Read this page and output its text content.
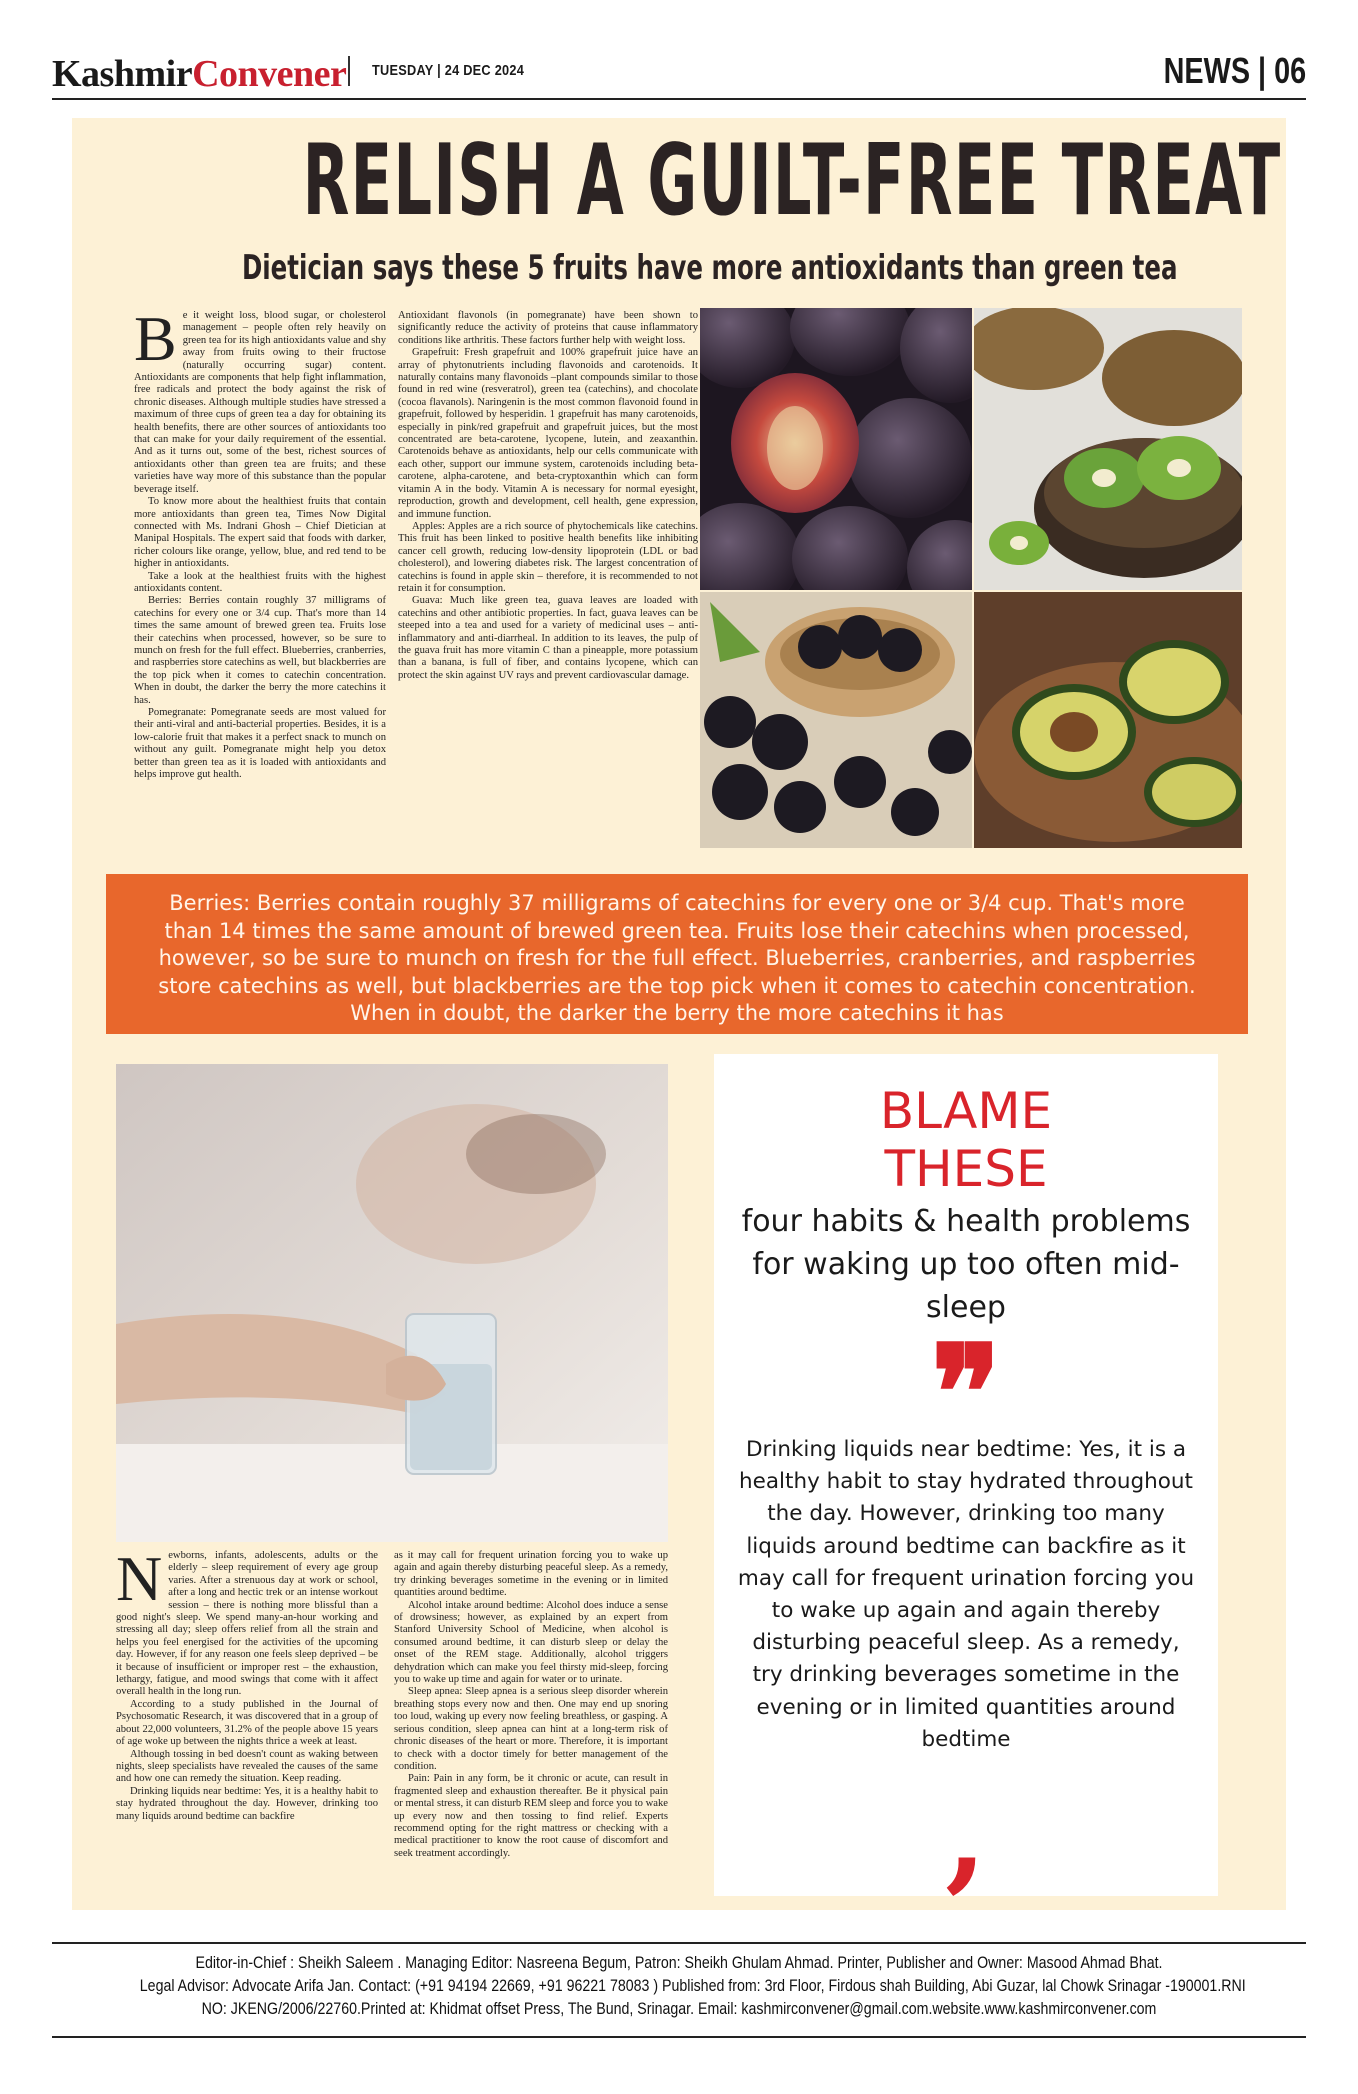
KashmirConvener TUESDAY | 24 DEC 2024	NEWS | 06
RELISH A GUILT-FREE TREAT
Dietician says these 5 fruits have more antioxidants than green tea
B e it weight loss, blood sugar, or cholesterol management – people often rely heavily on green tea for its high antioxidants value and shy away from fruits owing to their fructose (naturally occurring sugar) content. Antioxidants are components that help fight inflammation, free radicals and protect the body against the risk of chronic diseases. Although multiple studies have stressed a maximum of three cups of green tea a day for obtaining its health benefits, there are other sources of antioxidants too that can make for your daily requirement of the essential. And as it turns out, some of the best, richest sources of antioxidants other than green tea are fruits; and these varieties have way more of this substance than the popular beverage itself.

To know more about the healthiest fruits that contain more antioxidants than green tea, Times Now Digital connected with Ms. Indrani Ghosh – Chief Dietician at Manipal Hospitals. The expert said that foods with darker, richer colours like orange, yellow, blue, and red tend to be higher in antioxidants.

Take a look at the healthiest fruits with the highest antioxidants content.

Berries: Berries contain roughly 37 milligrams of catechins for every one or 3/4 cup. That's more than 14 times the same amount of brewed green tea. Fruits lose their catechins when processed, however, so be sure to munch on fresh for the full effect. Blueberries, cranberries, and raspberries store catechins as well, but blackberries are the top pick when it comes to catechin concentration. When in doubt, the darker the berry the more catechins it has.

Pomegranate: Pomegranate seeds are most valued for their anti-viral and anti-bacterial properties. Besides, it is a low-calorie fruit that makes it a perfect snack to munch on without any guilt. Pomegranate might help you detox better than green tea as it is loaded with antioxidants and helps improve gut health.

Antioxidant flavonols (in pomegranate) have been shown to significantly reduce the activity of proteins that cause inflammatory conditions like arthritis. These factors further help with weight loss.

Grapefruit: Fresh grapefruit and 100% grapefruit juice have an array of phytonutrients including flavonoids and carotenoids. It naturally contains many flavonoids –plant compounds similar to those found in red wine (resveratrol), green tea (catechins), and chocolate (cocoa flavanols). Naringenin is the most common flavonoid found in grapefruit, followed by hesperidin. 1 grapefruit has many carotenoids, especially in pink/red grapefruit and grapefruit juices, but the most concentrated are beta-carotene, lycopene, lutein, and zeaxanthin. Carotenoids behave as antioxidants, help our cells communicate with each other, support our immune system, carotenoids including beta-carotene, alpha-carotene, and beta-cryptoxanthin which can form vitamin A in the body. Vitamin A is necessary for normal eyesight, reproduction, growth and development, cell health, gene expression, and immune function.

Apples: Apples are a rich source of phytochemicals like catechins. This fruit has been linked to positive health benefits like inhibiting cancer cell growth, reducing low-density lipoprotein (LDL or bad cholesterol), and lowering diabetes risk. The largest concentration of catechins is found in apple skin – therefore, it is recommended to not retain it for consumption.

Guava: Much like green tea, guava leaves are loaded with catechins and other antibiotic properties. In fact, guava leaves can be steeped into a tea and used for a variety of medicinal uses – anti-inflammatory and anti-diarrheal. In addition to its leaves, the pulp of the guava fruit has more vitamin C than a pineapple, more potassium than a banana, is full of fiber, and contains lycopene, which can protect the skin against UV rays and prevent cardiovascular damage.

Berries: Berries contain roughly 37 milligrams of catechins for every one or 3/4 cup. That's more than 14 times the same amount of brewed green tea. Fruits lose their catechins when processed, however, so be sure to munch on fresh for the full effect. Blueberries, cranberries, and raspberries store catechins as well, but blackberries are the top pick when it comes to catechin concentration. When in doubt, the darker the berry the more catechins it has
N ewborns, infants, adolescents, adults or the elderly – sleep requirement of every age group varies. After a strenuous day at work or school, after a long and hectic trek or an intense workout session – there is nothing more blissful than a good night's sleep. We spend many-an-hour working and stressing all day; sleep offers relief from all the strain and helps you feel energised for the activities of the upcoming day. However, if for any reason one feels sleep deprived – be it because of insufficient or improper rest – the exhaustion, lethargy, fatigue, and mood swings that come with it affect overall health in the long run.

According to a study published in the Journal of Psychosomatic Research, it was discovered that in a group of about 22,000 volunteers, 31.2% of the people above 15 years of age woke up between the nights thrice a week at least.

Although tossing in bed doesn't count as waking between nights, sleep specialists have revealed the causes of the same and how one can remedy the situation. Keep reading.

Drinking liquids near bedtime: Yes, it is a healthy habit to stay hydrated throughout the day. However, drinking too many liquids around bedtime can backfire

as it may call for frequent urination forcing you to wake up again and again thereby disturbing peaceful sleep. As a remedy, try drinking beverages sometime in the evening or in limited quantities around bedtime.

Alcohol intake around bedtime: Alcohol does induce a sense of drowsiness; however, as explained by an expert from Stanford University School of Medicine, when alcohol is consumed around bedtime, it can disturb sleep or delay the onset of the REM stage. Additionally, alcohol triggers dehydration which can make you feel thirsty mid-sleep, forcing you to wake up time and again for water or to urinate.

Sleep apnea: Sleep apnea is a serious sleep disorder wherein breathing stops every now and then. One may end up snoring too loud, waking up every now feeling breathless, or gasping. A serious condition, sleep apnea can hint at a long-term risk of chronic diseases of the heart or more. Therefore, it is important to check with a doctor timely for better management of the condition.

Pain: Pain in any form, be it chronic or acute, can result in fragmented sleep and exhaustion thereafter. Be it physical pain or mental stress, it can disturb REM sleep and force you to wake up every now and then tossing to find relief. Experts recommend opting for the right mattress or checking with a medical practitioner to know the root cause of discomfort and seek treatment accordingly.

BLAME
THESE
four habits & health problems for waking up too often mid-sleep
❞
Drinking liquids near bedtime: Yes, it is a healthy habit to stay hydrated throughout the day. However, drinking too many liquids around bedtime can backfire as it may call for frequent urination forcing you to wake up again and again thereby disturbing peaceful sleep. As a remedy, try drinking beverages sometime in the evening or in limited quantities around bedtime
,
Editor-in-Chief : Sheikh Saleem . Managing Editor: Nasreena Begum, Patron: Sheikh Ghulam Ahmad. Printer, Publisher and Owner: Masood Ahmad Bhat.
Legal Advisor: Advocate Arifa Jan. Contact: (+91 94194 22669, +91 96221 78083 ) Published from: 3rd Floor, Firdous shah Building, Abi Guzar, lal Chowk Srinagar -190001.RNI
NO: JKENG/2006/22760.Printed at: Khidmat offset Press, The Bund, Srinagar. Email: kashmirconvener@gmail.com.website.www.kashmirconvener.com
